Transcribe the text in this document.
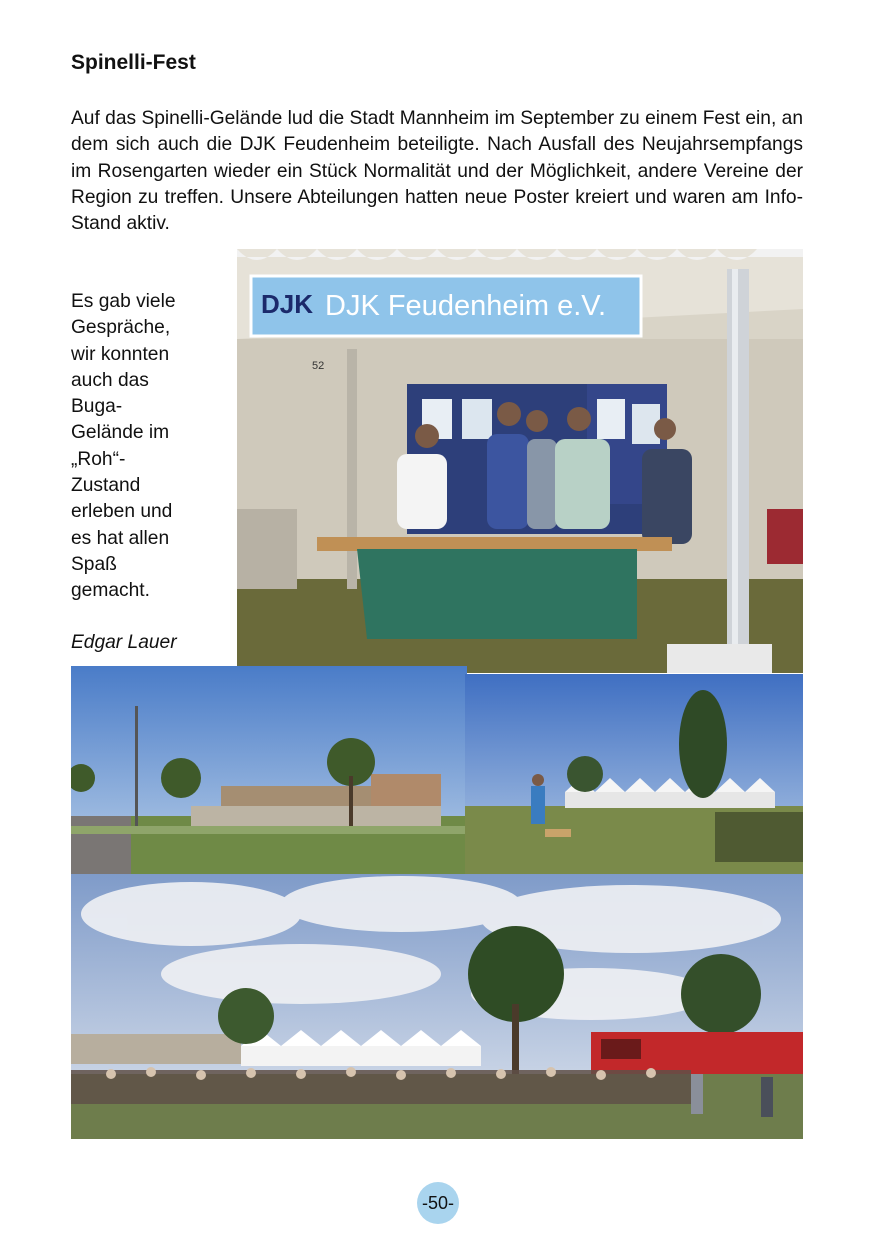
Spinelli-Fest

Auf das Spinelli-Gelände lud die Stadt Mannheim im September zu einem Fest ein, an dem sich auch die DJK Feudenheim beteiligte. Nach Ausfall des Neujahrsempfangs im Rosengarten wieder ein Stück Normalität und der Möglichkeit, andere Vereine der Region zu treffen. Unsere Abteilungen hatten neue Poster kreiert und waren am Info-Stand aktiv.

Es gab viele
Gespräche,
wir konnten
auch das
Buga-
Gelände im
„Roh“-
Zustand
erleben und
es hat allen
Spaß
gemacht.

Edgar Lauer

DJK DJK Feudenheim e.V.
52
-50-
